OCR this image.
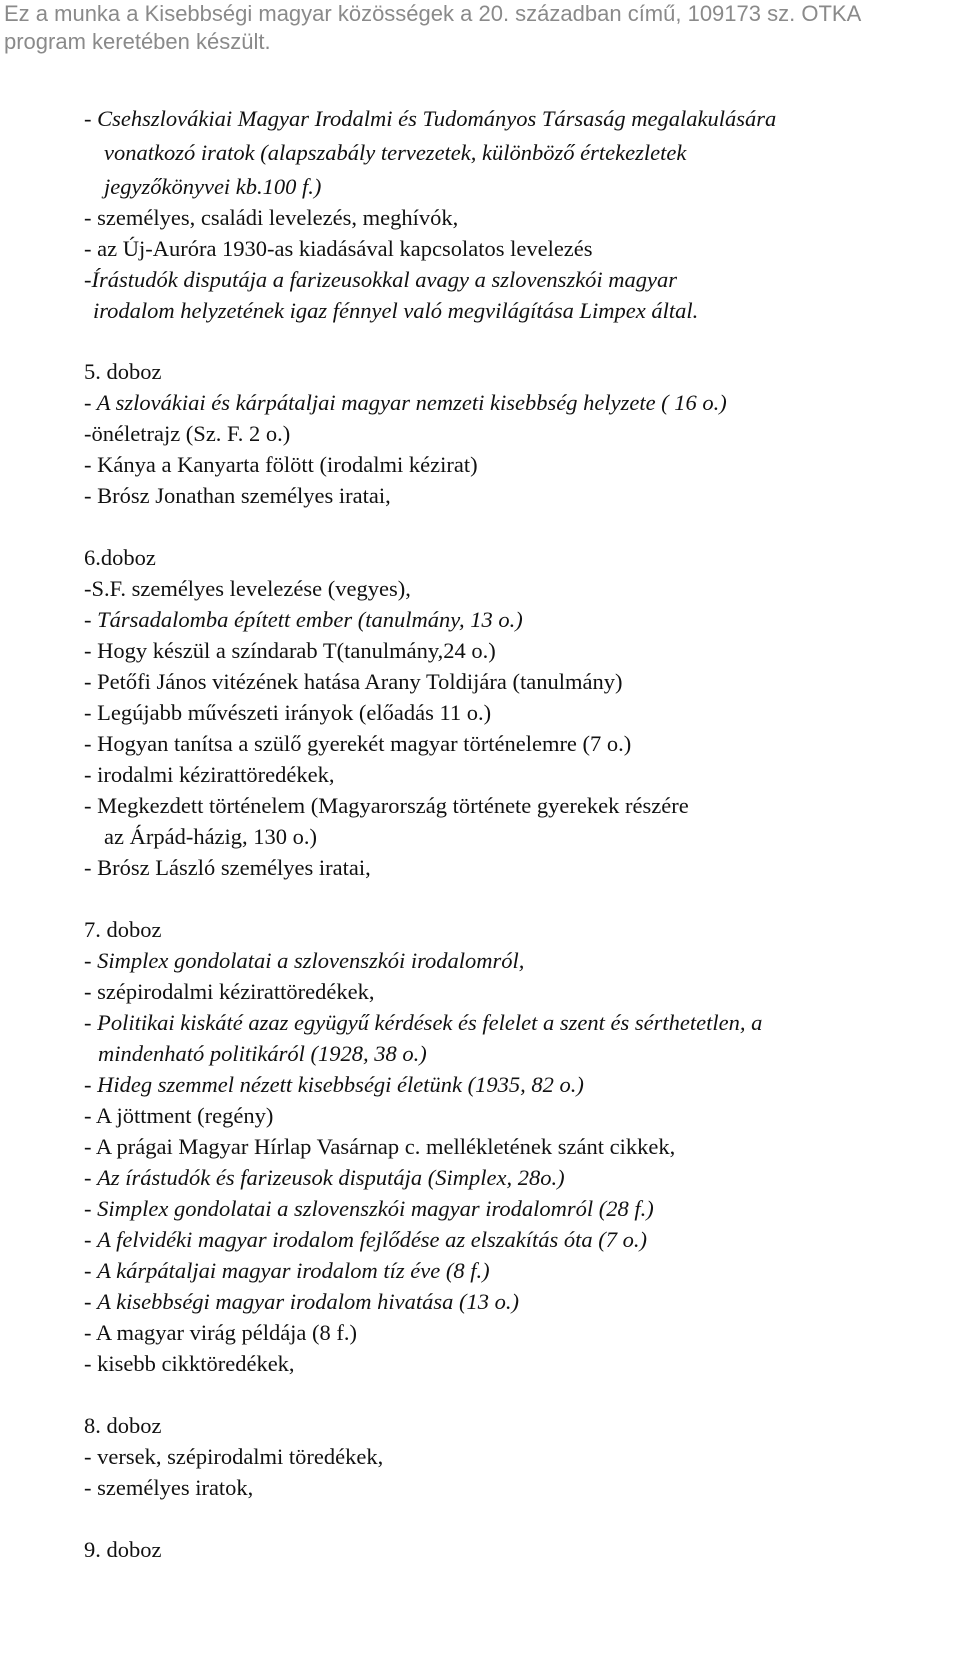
Ez a munka a Kisebbségi magyar közösségek a 20. században című, 109173 sz. OTKA
program keretében készült.
- Csehszlovákiai Magyar Irodalmi és Tudományos Társaság megalakulására
vonatkozó iratok (alapszabály tervezetek, különböző értekezletek
jegyzőkönyvei kb.100 f.)
- személyes, családi levelezés, meghívók,
- az Új-Auróra 1930-as kiadásával kapcsolatos levelezés
-Írástudók disputája a farizeusokkal avagy a szlovenszkói magyar
irodalom helyzetének igaz fénnyel való megvilágítása Limpex által.
5. doboz
- A szlovákiai és kárpátaljai magyar nemzeti kisebbség helyzete ( 16 o.)
-önéletrajz (Sz. F. 2 o.)
- Kánya a Kanyarta fölött (irodalmi kézirat)
- Brósz Jonathan személyes iratai,
6.doboz
-S.F. személyes levelezése (vegyes),
- Társadalomba épített ember (tanulmány, 13 o.)
- Hogy készül a színdarab T(tanulmány,24 o.)
- Petőfi János vitézének hatása Arany Toldijára (tanulmány)
- Legújabb művészeti irányok (előadás 11 o.)
- Hogyan tanítsa a szülő gyerekét magyar történelemre (7 o.)
- irodalmi kézirattöredékek,
- Megkezdett történelem (Magyarország története gyerekek részére
az Árpád-házig, 130 o.)
- Brósz László személyes iratai,
7. doboz
- Simplex gondolatai a szlovenszkói irodalomról,
- szépirodalmi kézirattöredékek,
- Politikai kiskáté azaz együgyű kérdések és felelet a szent és sérthetetlen, a
mindenható politikáról (1928, 38 o.)
- Hideg szemmel nézett kisebbségi életünk (1935, 82 o.)
- A jöttment (regény)
- A prágai Magyar Hírlap Vasárnap c. mellékletének szánt cikkek,
- Az írástudók és farizeusok disputája (Simplex, 28o.)
- Simplex gondolatai a szlovenszkói magyar irodalomról (28 f.)
- A felvidéki magyar irodalom fejlődése az elszakítás óta (7 o.)
- A kárpátaljai magyar irodalom tíz éve (8 f.)
- A kisebbségi magyar irodalom hivatása (13 o.)
- A magyar virág példája (8 f.)
- kisebb cikktöredékek,
8. doboz
- versek, szépirodalmi töredékek,
- személyes iratok,
9. doboz
